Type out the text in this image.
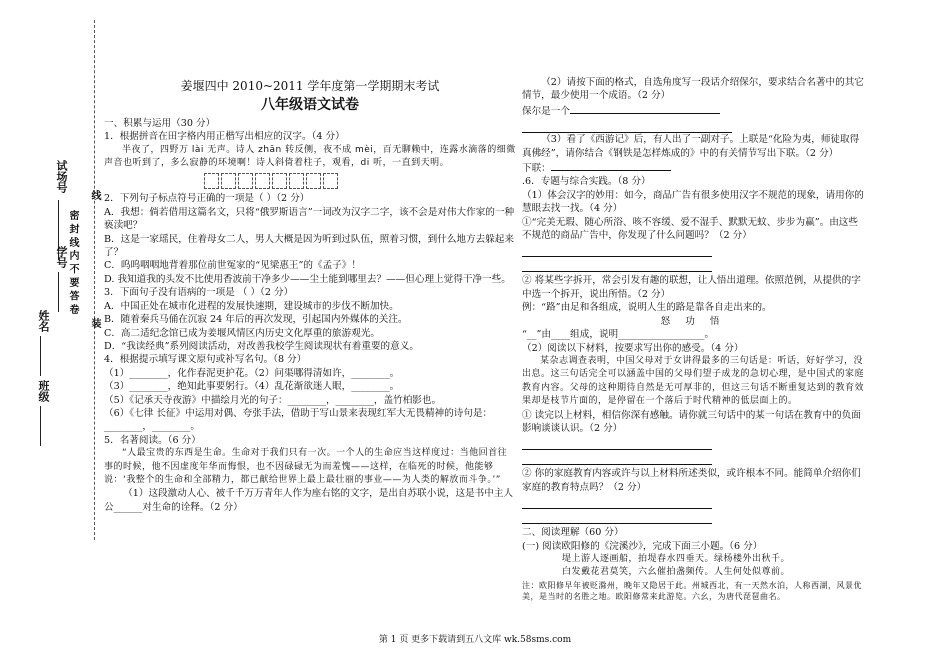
线
密 封 线 内 不 要 答 卷
装
试场号
学号
姓名
班级

姜堰四中 2010~2011 学年度第一学期期末考试

八年级语文试卷

一、积累与运用（30 分）

1．根据拼音在田字格内用正楷写出相应的汉字。（4 分）

半夜了，四野万 lài 无声。诗人 zhān 转反侧，夜不成 mèi，百无聊赖中，连露水滴落的细微声音也听到了，多么寂静的环境啊！诗人斜倚着柱子，观看，di 听，一直到天明。

2．下列句子标点符号正确的一项是（ ）（2 分）

A．我想：倘若借用这篇名文，只将“俄罗斯语言”一词改为汉字二字，该不会是对伟大作家的一种亵渎吧？

B．这是一家瑶民，住着母女二人，男人大概是因为听到过队伍，照着习惯，到什么地方去躲起来了？

C．呜呜咽咽地背着那位前世冤家的“见梁惠王”的《孟子》！

D. 我知道我的头发不比使用香波前干净多少——尘土能到哪里去？——但心理上觉得干净一些。

3．下面句子没有语病的一项是 （ ）（2 分）

A．中国正处在城市化进程的发展快速期，建设城市的步伐不断加快。

B．随着秦兵马俑在沉寂 24 年后的再次发现，引起国内外媒体的关注。

C．高二适纪念馆已成为姜堰风情区内历史文化厚重的旅游观光。

D．“我读经典”系列阅读活动，对改善我校学生阅读现状有着重要的意义。

4．根据提示填写课文原句或补写名句。（8 分）

（1）________，化作春泥更护花。（2）问渠哪得清如许，________。

（3）________，绝知此事要躬行。（4）乱花渐欲迷人眼，________。

（5）《记承天寺夜游》中描绘月光的句子：________，________，盖竹柏影也。

（6）《七律 长征》中运用对偶、夸张手法，借助于写山景来表现红军大无畏精神的诗句是：________，________。

5．名著阅读。（6 分）

“人最宝贵的东西是生命。生命对于我们只有一次。一个人的生命应当这样度过：当他回首往事的时候，他不因虚度年华而悔恨，也不因碌碌无为而羞愧——这样，在临死的时候，他能够说：‘我整个的生命和全部精力，都已献给世界上最上最壮丽的事业——为人类的解放而斗争。’”

（1）这段激动人心、被千千万万青年人作为座右铭的文字，是出自苏联小说，这是书中主人公______对生命的诠释。（2 分）

（2）请按下面的格式，自选角度写一段话介绍保尔，要求结合名著中的其它情节，最少使用一个成语。（2 分）

保尔是一个

（3）看了《西游记》后，有人出了一副对子。上联是“化险为夷，师徒取得真佛经”，请你结合《钢铁是怎样炼成的》中的有关情节写出下联。（2 分）

下联：

.6．专题与综合实践。（8 分）

（1）体会汉字的妙用：如今，商品广告有很多使用汉字不规范的现象，请用你的慧眼去找一找。（4 分）

①“完美无瑕、随心所浴、咳不容缓、爱不湿手、默默无蚊、步步为赢”。由这些不规范的商品广告中，你发现了什么问题吗？（2 分）

② 将某些字拆开，常会引发有趣的联想，让人悟出道理。依照范例，从提供的字中选一个拆开，说出所悟。（2 分）

例：“路”由足和各组成，说明人生的路是靠各自走出来的。

怒 功 悟

“__”由____组成，说明__________________。

（2）阅读以下材料，按要求写出你的感受。（4 分）

某杂志调查表明，中国父母对于女讲得最多的三句话是：听话，好好学习，没出息。这三句话完全可以涵盖中国的父母们望子成龙的急切心理，是中国式的家庭教育内容。父母的这种期待自然是无可厚非的，但这三句话不断重复达到的教育效果却是枝节片面的，是停留在一个落后于时代精神的低层面上的。

① 读完以上材料，相信你深有感触。请你就三句话中的某一句话在教育中的负面影响谈谈认识。（2 分）

② 你的家庭教育内容或许与以上材料所述类似，或许根本不同。能简单介绍你们家庭的教育特点吗？（2 分）

二、阅读理解（60 分）

(一) 阅读欧阳修的《浣溪沙》，完成下面三小题。（6 分）

堤上游人逐画船，拍堤春水四垂天。绿杨楼外出秋千。

白发戴花君莫笑，六幺催拍盏频传。人生何处似尊前。

注：欧阳修早年被贬滁州，晚年又隐居于此。州城西北，有一天然水泊，人称西湖，风景优美，是当时的名胜之地。欧阳修常来此游览。六幺，为唐代琵琶曲名。

第 1 页 更多下载请到五八文库 wk.58sms.com
